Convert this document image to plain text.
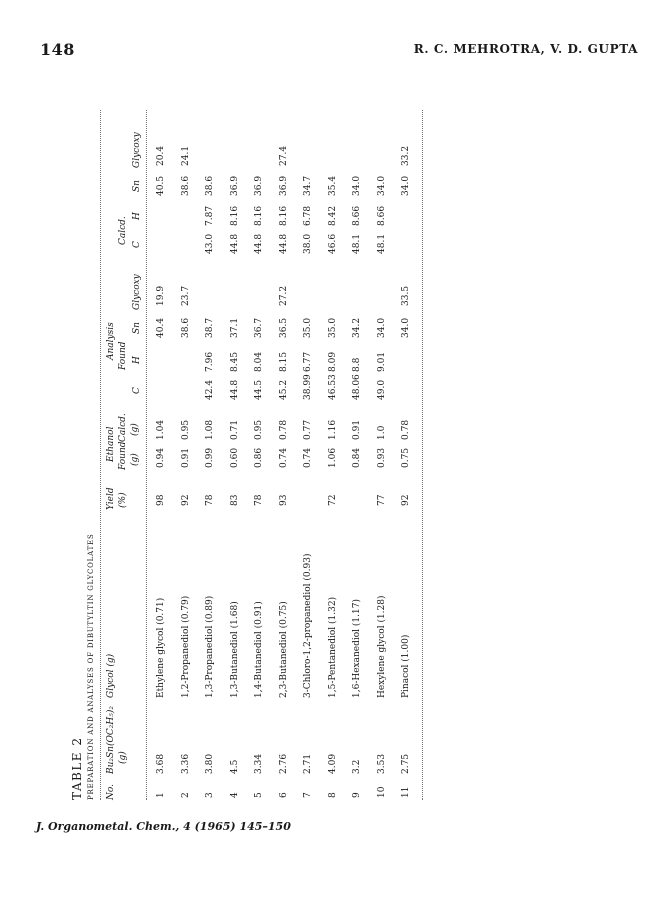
148	R. C. MEHROTRA, V. D. GUPTA
TABLE 2 PREPARATION AND ANALYSES OF DIBUTYLTIN GLYCOLATES No.
Bu₂Sn(OC₂H₅)₂ (g)
Glycol (g)
Yield (%)
Ethanol Found
Calcd.
(g)
(g)
Analysis Found
Calcd.
C
H
Sn
Glycoxy
C
H
Sn
Glycoxy
1
3.68
Ethylene glycol (0.71)
98
0.94
1.04
40.4
19.9
40.5
20.4
2
3.36
1,2-Propanediol (0.79)
92
0.91
0.95
38.6
23.7
38.6
24.1
3
3.80
1,3-Propanediol (0.89)
78
0.99
1.08
42.4
7.96
38.7
43.0
7.87
38.6
4
4.5
1,3-Butanediol (1.68)
83
0.60
0.71
44.8
8.45
37.1
44.8
8.16
36.9
5
3.34
1,4-Butanediol (0.91)
78
0.86
0.95
44.5
8.04
36.7
44.8
8.16
36.9
6
2.76
2,3-Butanediol (0.75)
93
0.74
0.78
45.2
8.15
36.5
27.2
44.8
8.16
36.9
27.4
7
2.71
3-Chloro-1,2-propanediol (0.93)
0.74
0.77
38.99
6.77
35.0
38.0
6.78
34.7
8
4.09
1,5-Pentanediol (1.32)
72
1.06
1.16
46.53
8.09
35.0
46.6
8.42
35.4
9
3.2
1,6-Hexanediol (1.17)
0.84
0.91
48.06
8.8
34.2
48.1
8.66
34.0
10
3.53
Hexylene glycol (1.28)
77
0.93
1.0
49.0
9.01
34.0
48.1
8.66
34.0
11
2.75
Pinacol (1.00)
92
0.75
0.78
34.0
33.5
34.0
33.2
J. Organometal. Chem., 4 (1965) 145–150
